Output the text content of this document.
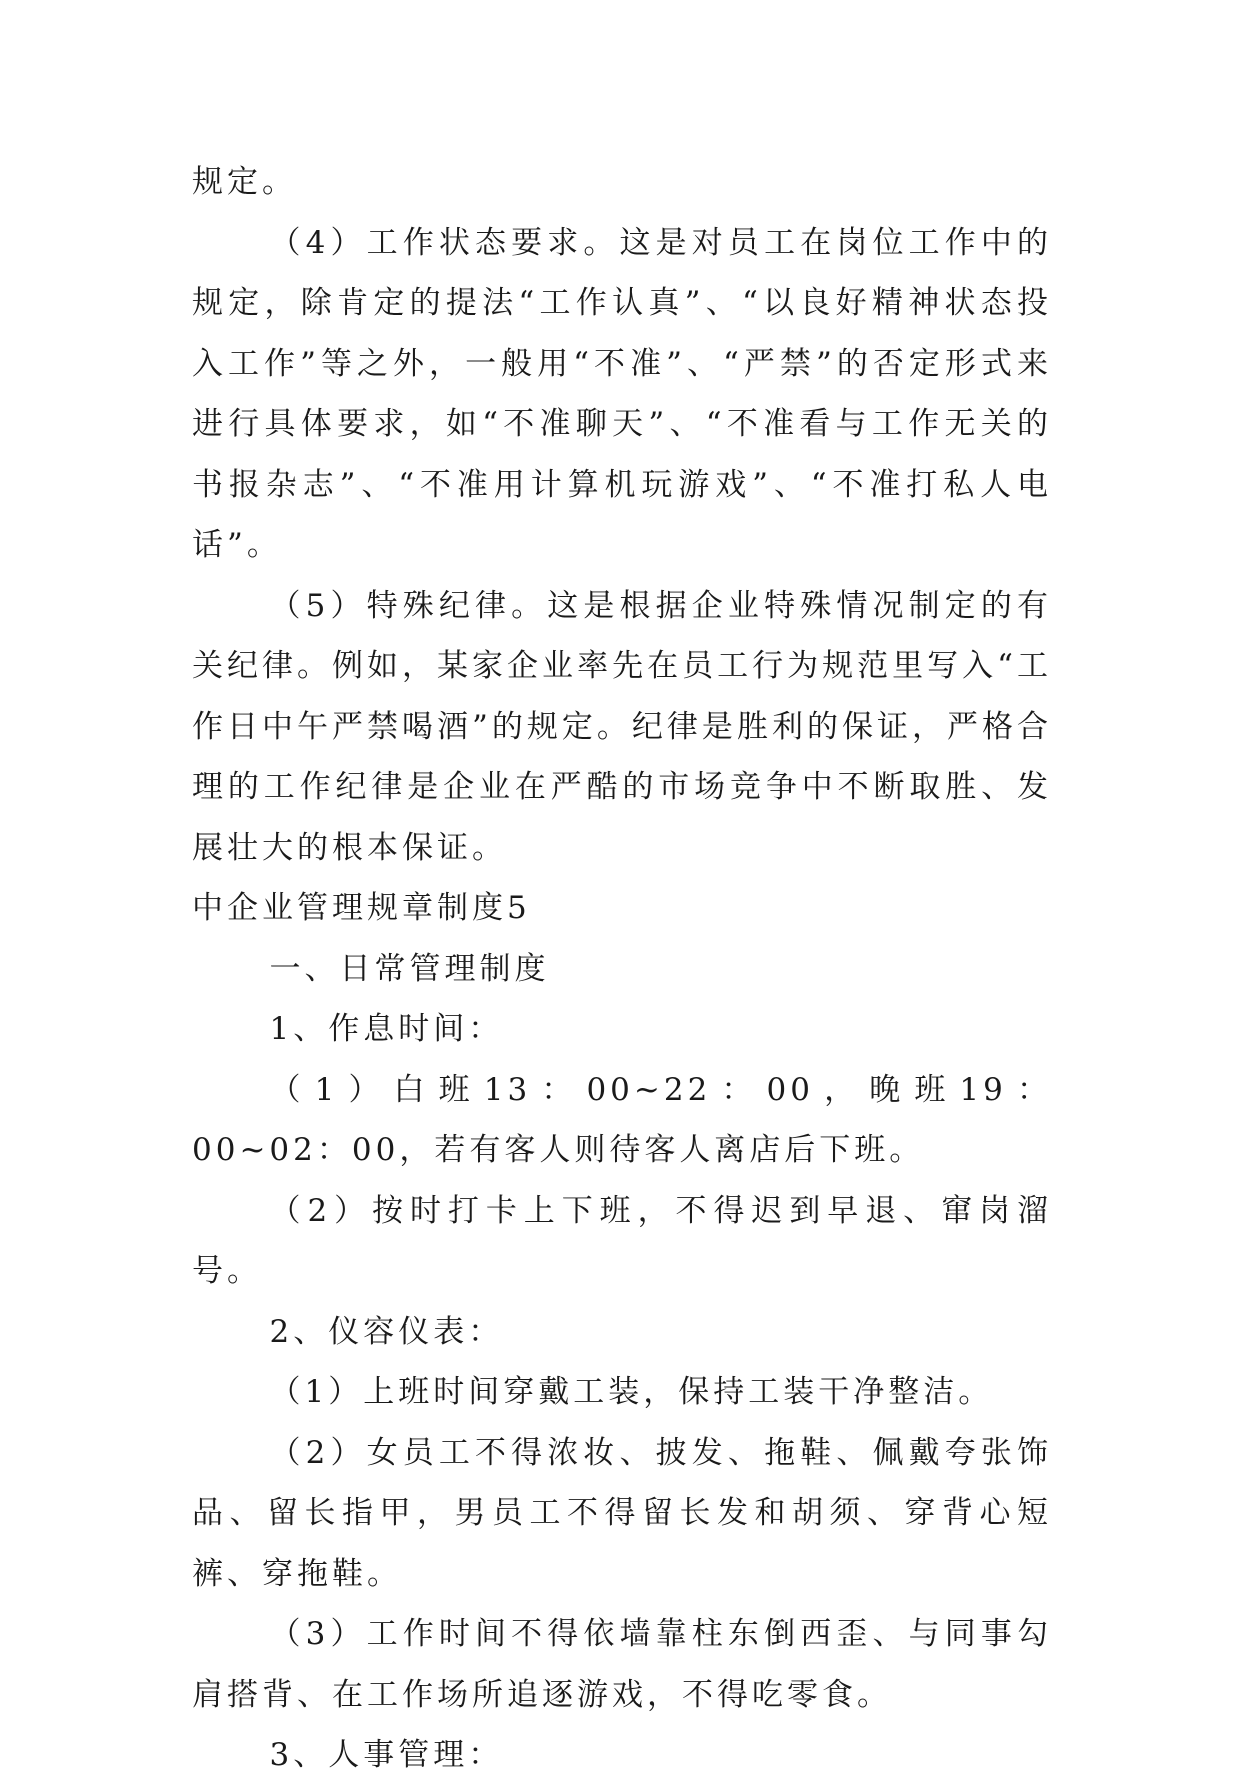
规定。

（4）工作状态要求。这是对员工在岗位工作中的规定，除肯定的提法“工作认真”、“以良好精神状态投入工作”等之外，一般用“不准”、“严禁”的否定形式来进行具体要求，如“不准聊天”、“不准看与工作无关的书报杂志”、“不准用计算机玩游戏”、“不准打私人电话”。

（5）特殊纪律。这是根据企业特殊情况制定的有关纪律。例如，某家企业率先在员工行为规范里写入“工作日中午严禁喝酒”的规定。纪律是胜利的保证，严格合理的工作纪律是企业在严酷的市场竞争中不断取胜、发展壮大的根本保证。

中企业管理规章制度5

一、日常管理制度

1、作息时间：

（1）白班13：00~22：00，晚班19：00~02：00，若有客人则待客人离店后下班。

（2）按时打卡上下班，不得迟到早退、窜岗溜号。

2、仪容仪表：

（1）上班时间穿戴工装，保持工装干净整洁。

（2）女员工不得浓妆、披发、拖鞋、佩戴夸张饰品、留长指甲，男员工不得留长发和胡须、穿背心短裤、穿拖鞋。

（3）工作时间不得依墙靠柱东倒西歪、与同事勾肩搭背、在工作场所追逐游戏，不得吃零食。

3、人事管理：
